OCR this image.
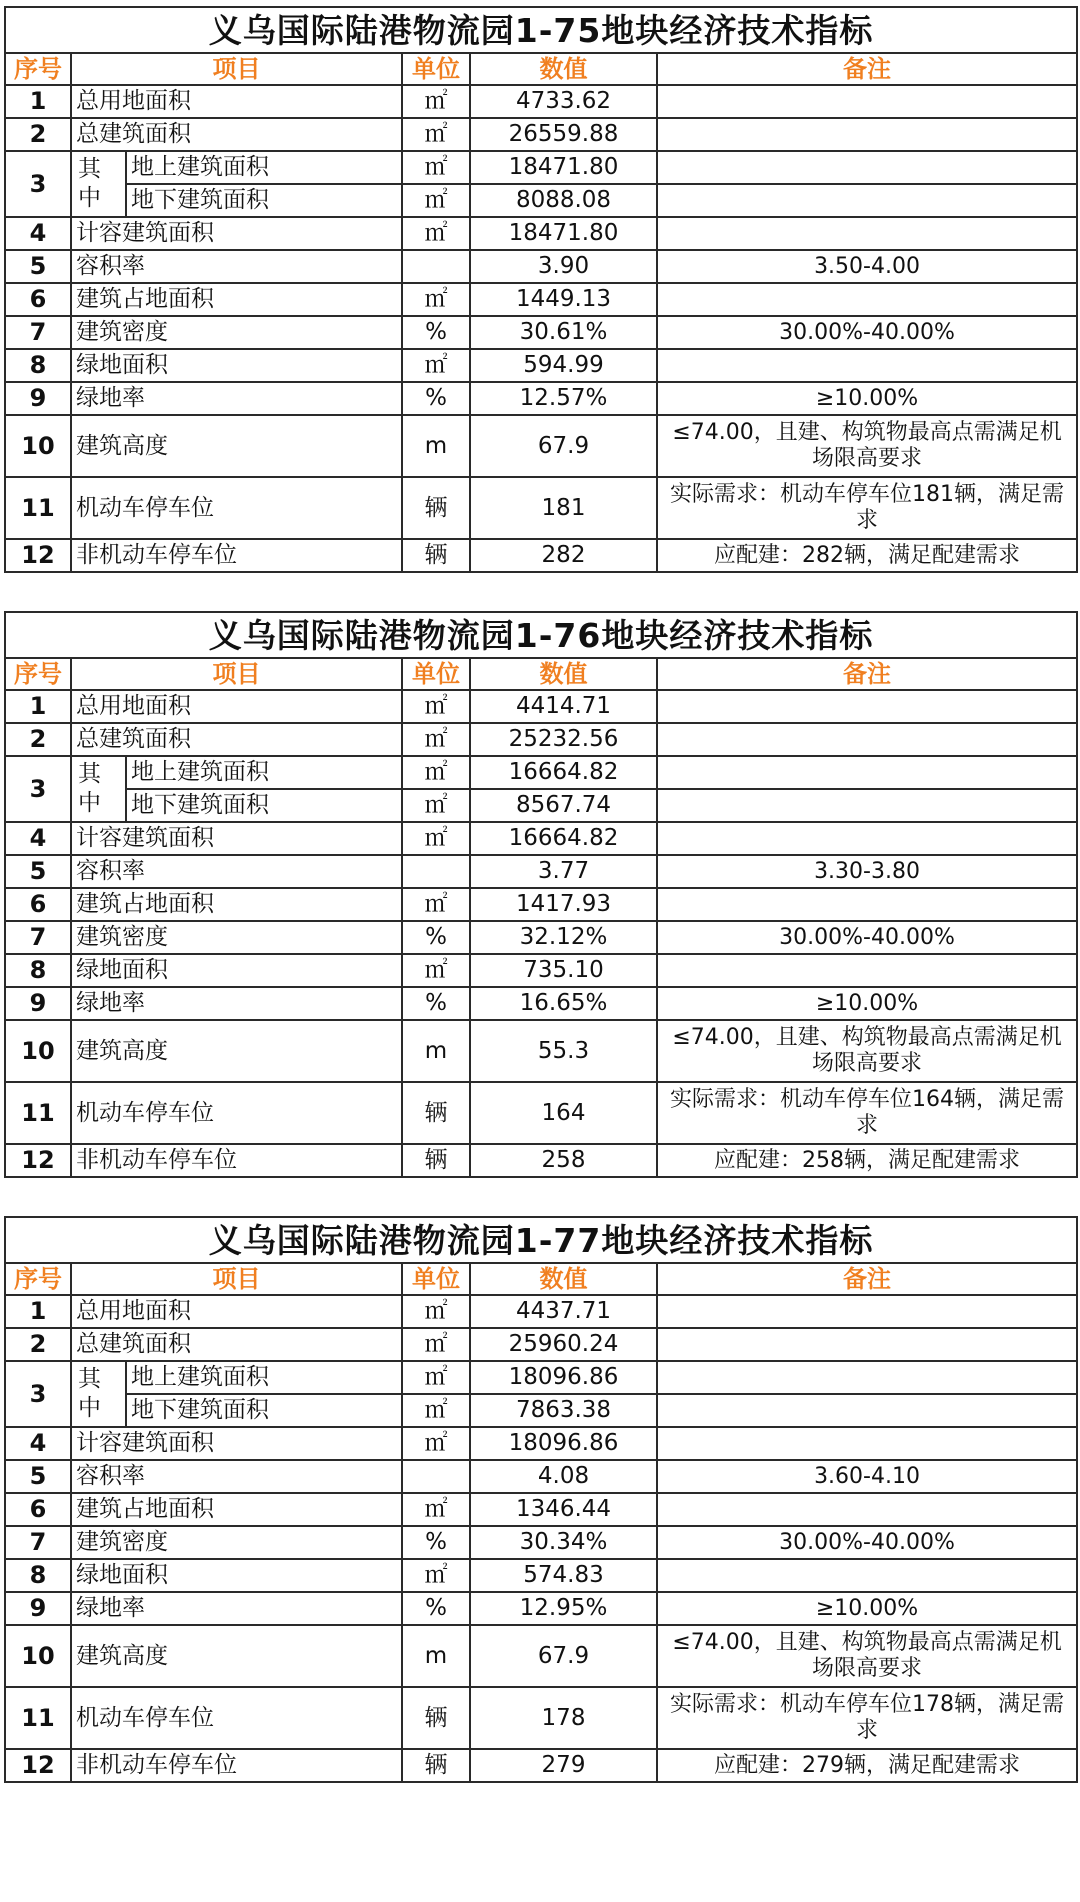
义乌国际陆港物流园1-75地块经济技术指标					
序号	项目		单位	数值	备注
1	总用地面积		㎡	4733.62	
2	总建筑面积		㎡	26559.88	
3	其中	地上建筑面积	㎡	18471.80	
		地下建筑面积	㎡	8088.08	
4	计容建筑面积		㎡	18471.80	
5	容积率			3.90	3.50-4.00
6	建筑占地面积		㎡	1449.13	
7	建筑密度		%	30.61%	30.00%-40.00%
8	绿地面积		㎡	594.99	
9	绿地率		%	12.57%	≥10.00%
10	建筑高度		m	67.9	≤74.00，且建、构筑物最高点需满足机场限高要求
11	机动车停车位		辆	181	实际需求：机动车停车位181辆，满足需求
12	非机动车停车位		辆	282	应配建：282辆，满足配建需求
义乌国际陆港物流园1-76地块经济技术指标					
序号	项目		单位	数值	备注
1	总用地面积		㎡	4414.71	
2	总建筑面积		㎡	25232.56	
3	其中	地上建筑面积	㎡	16664.82	
		地下建筑面积	㎡	8567.74	
4	计容建筑面积		㎡	16664.82	
5	容积率			3.77	3.30-3.80
6	建筑占地面积		㎡	1417.93	
7	建筑密度		%	32.12%	30.00%-40.00%
8	绿地面积		㎡	735.10	
9	绿地率		%	16.65%	≥10.00%
10	建筑高度		m	55.3	≤74.00，且建、构筑物最高点需满足机场限高要求
11	机动车停车位		辆	164	实际需求：机动车停车位164辆，满足需求
12	非机动车停车位		辆	258	应配建：258辆，满足配建需求
义乌国际陆港物流园1-77地块经济技术指标					
序号	项目		单位	数值	备注
1	总用地面积		㎡	4437.71	
2	总建筑面积		㎡	25960.24	
3	其中	地上建筑面积	㎡	18096.86	
		地下建筑面积	㎡	7863.38	
4	计容建筑面积		㎡	18096.86	
5	容积率			4.08	3.60-4.10
6	建筑占地面积		㎡	1346.44	
7	建筑密度		%	30.34%	30.00%-40.00%
8	绿地面积		㎡	574.83	
9	绿地率		%	12.95%	≥10.00%
10	建筑高度		m	67.9	≤74.00，且建、构筑物最高点需满足机场限高要求
11	机动车停车位		辆	178	实际需求：机动车停车位178辆，满足需求
12	非机动车停车位		辆	279	应配建：279辆，满足配建需求
